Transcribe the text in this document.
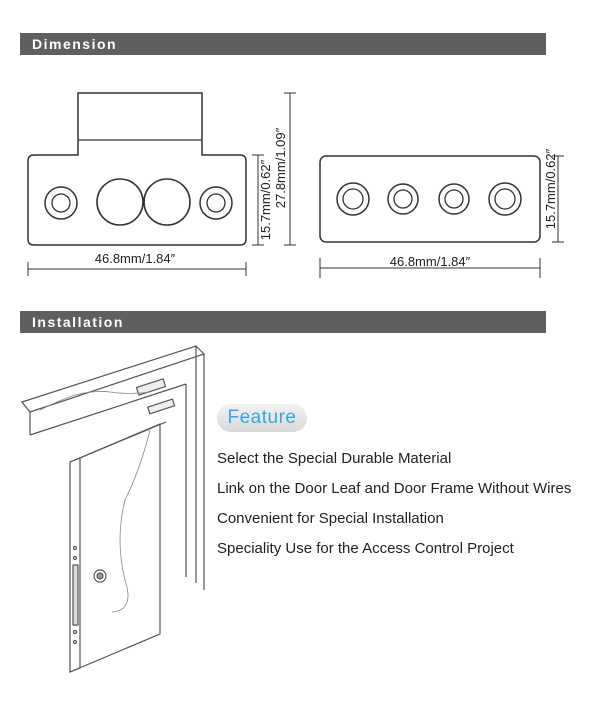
Dimension
46.8mm/1.84″
15.7mm/0.62″ 27.8mm/1.09″
46.8mm/1.84″
15.7mm/0.62″
Installation
Feature
Select the Special Durable Material
Link on the Door Leaf and Door Frame Without Wires
Convenient for Special Installation
Speciality Use for the Access Control Project
